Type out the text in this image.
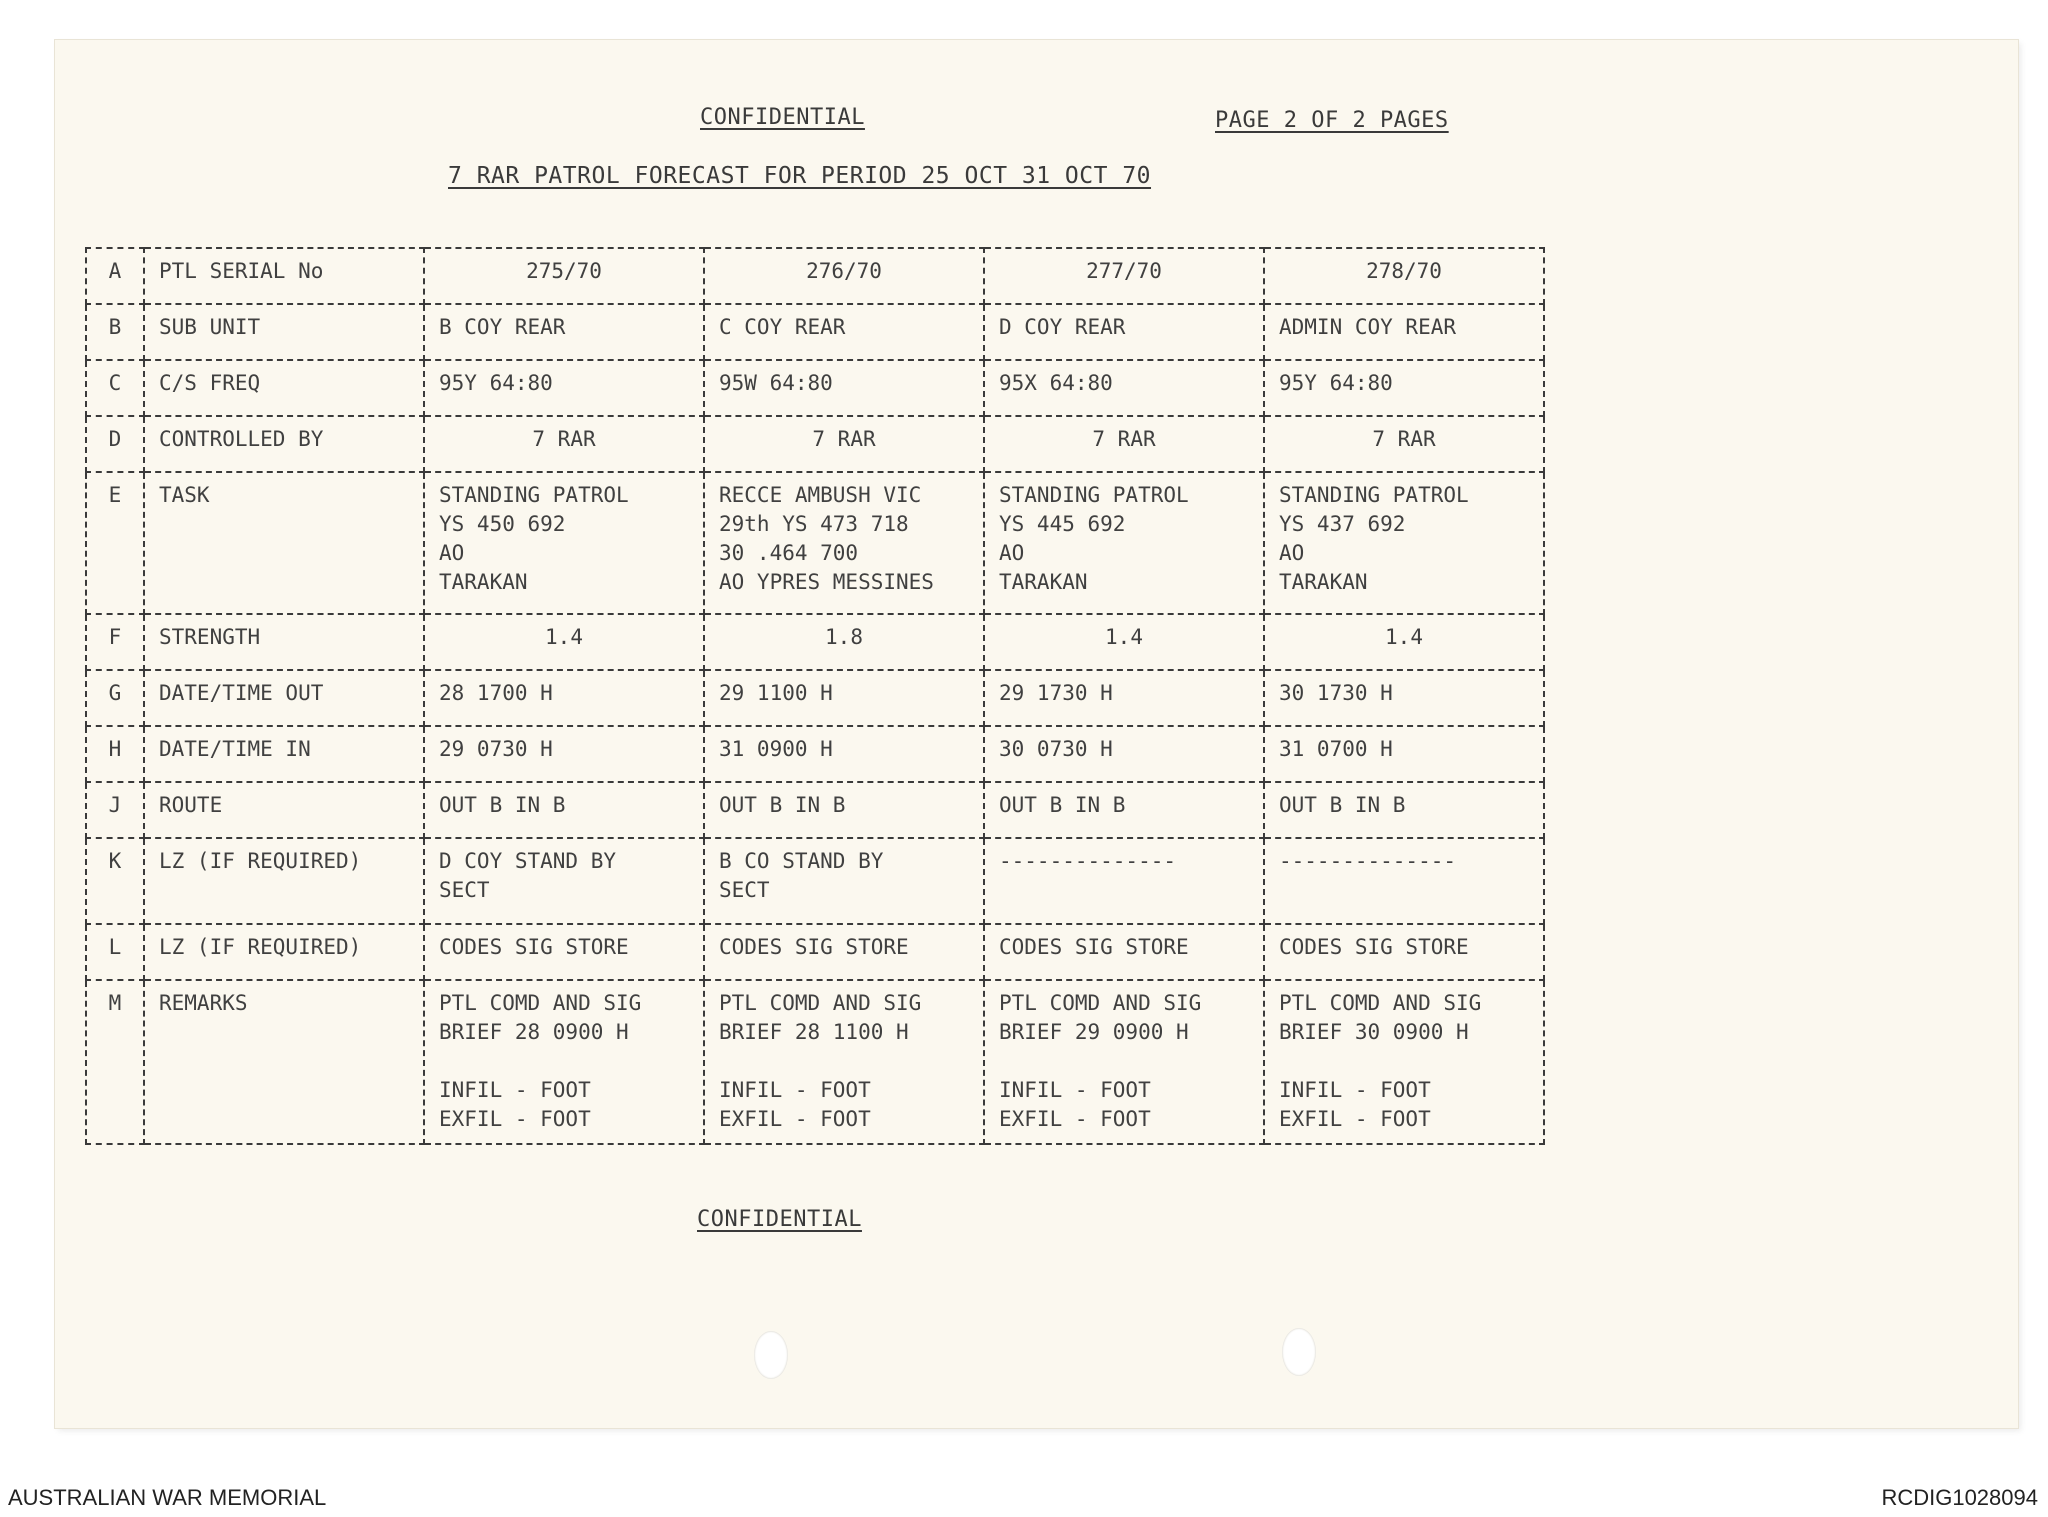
CONFIDENTIAL	PAGE 2 OF 2 PAGES
7 RAR PATROL FORECAST FOR PERIOD 25 OCT 31 OCT 70
A	PTL SERIAL No	275/70	276/70	277/70	278/70
B	SUB UNIT	B COY REAR	C COY REAR	D COY REAR	ADMIN COY REAR
C	C/S FREQ	95Y 64:80	95W 64:80	95X 64:80	95Y 64:80
D	CONTROLLED BY	7 RAR	7 RAR	7 RAR	7 RAR
E	TASK	STANDING PATROL
YS 450 692
AO
TARAKAN	RECCE AMBUSH VIC
29th YS 473 718
30 .464 700
AO YPRES MESSINES	STANDING PATROL
YS 445 692
AO
TARAKAN	STANDING PATROL
YS 437 692
AO
TARAKAN
F	STRENGTH	1.4	1.8	1.4	1.4
G	DATE/TIME OUT	28 1700 H	29 1100 H	29 1730 H	30 1730 H
H	DATE/TIME IN	29 0730 H	31 0900 H	30 0730 H	31 0700 H
J	ROUTE	OUT B IN B	OUT B IN B	OUT B IN B	OUT B IN B
K	LZ (IF REQUIRED)	D COY STAND BY
SECT	B CO STAND BY
SECT	--------------	--------------
L	LZ (IF REQUIRED)	CODES SIG STORE	CODES SIG STORE	CODES SIG STORE	CODES SIG STORE
M	REMARKS	PTL COMD AND SIG
BRIEF 28 0900 H

INFIL - FOOT
EXFIL - FOOT	PTL COMD AND SIG
BRIEF 28 1100 H

INFIL - FOOT
EXFIL - FOOT	PTL COMD AND SIG
BRIEF 29 0900 H

INFIL - FOOT
EXFIL - FOOT	PTL COMD AND SIG
BRIEF 30 0900 H

INFIL - FOOT
EXFIL - FOOT
CONFIDENTIAL
AUSTRALIAN WAR MEMORIAL	RCDIG1028094
